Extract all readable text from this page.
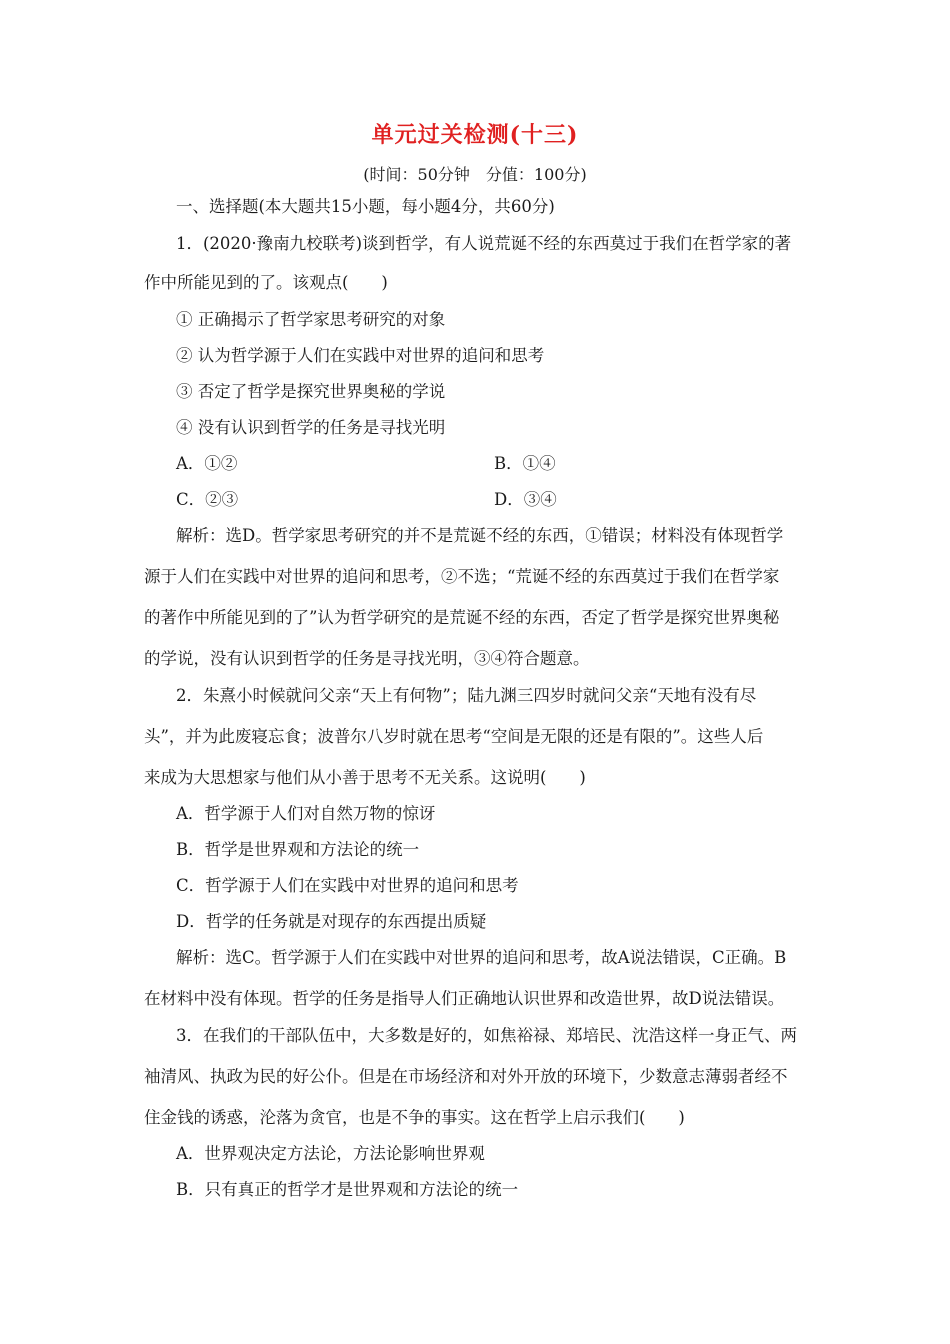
单元过关检测(十三)
(时间：50分钟　分值：100分)
一、选择题(本大题共15小题，每小题4分，共60分)
1．(2020·豫南九校联考)谈到哲学，有人说荒诞不经的东西莫过于我们在哲学家的著
作中所能见到的了。该观点(　　)
① 正确揭示了哲学家思考研究的对象
② 认为哲学源于人们在实践中对世界的追问和思考
③ 否定了哲学是探究世界奥秘的学说
④ 没有认识到哲学的任务是寻找光明
A．①②	B．①④
C．②③	D．③④
解析：选D。哲学家思考研究的并不是荒诞不经的东西，①错误；材料没有体现哲学
源于人们在实践中对世界的追问和思考，②不选；“荒诞不经的东西莫过于我们在哲学家
的著作中所能见到的了”认为哲学研究的是荒诞不经的东西，否定了哲学是探究世界奥秘
的学说，没有认识到哲学的任务是寻找光明，③④符合题意。
2．朱熹小时候就问父亲“天上有何物”；陆九渊三四岁时就问父亲“天地有没有尽
头”，并为此废寝忘食；波普尔八岁时就在思考“空间是无限的还是有限的”。这些人后
来成为大思想家与他们从小善于思考不无关系。这说明(　　)
A．哲学源于人们对自然万物的惊讶
B．哲学是世界观和方法论的统一
C．哲学源于人们在实践中对世界的追问和思考
D．哲学的任务就是对现存的东西提出质疑
解析：选C。哲学源于人们在实践中对世界的追问和思考，故A说法错误，C正确。B
在材料中没有体现。哲学的任务是指导人们正确地认识世界和改造世界，故D说法错误。
3．在我们的干部队伍中，大多数是好的，如焦裕禄、郑培民、沈浩这样一身正气、两
袖清风、执政为民的好公仆。但是在市场经济和对外开放的环境下，少数意志薄弱者经不
住金钱的诱惑，沦落为贪官，也是不争的事实。这在哲学上启示我们(　　)
A．世界观决定方法论，方法论影响世界观
B．只有真正的哲学才是世界观和方法论的统一
